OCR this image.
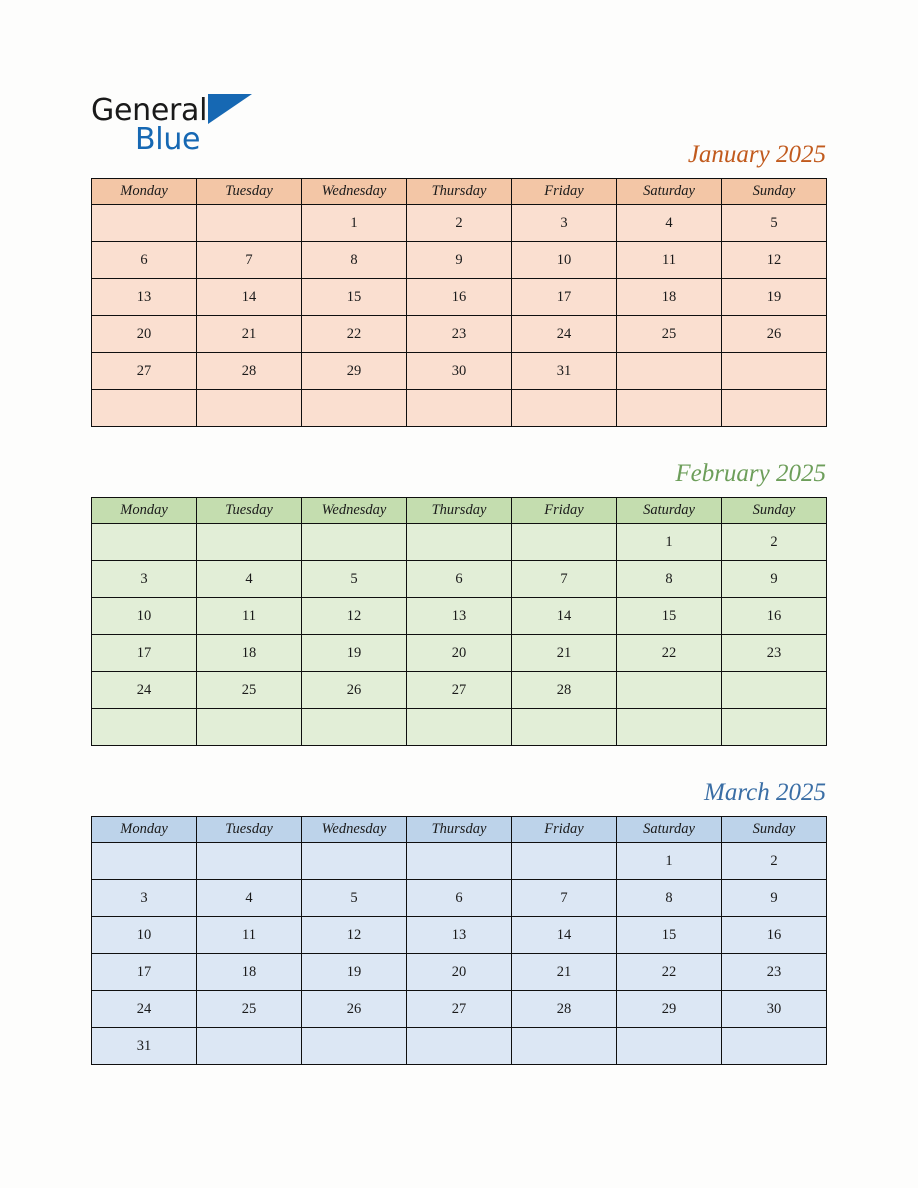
General
Blue	January 2025
Monday	Tuesday	Wednesday	Thursday	Friday	Saturday	Sunday
		1	2	3	4	5
6	7	8	9	10	11	12
13	14	15	16	17	18	19
20	21	22	23	24	25	26
27	28	29	30	31		

February 2025
Monday	Tuesday	Wednesday	Thursday	Friday	Saturday	Sunday
					1	2
3	4	5	6	7	8	9
10	11	12	13	14	15	16
17	18	19	20	21	22	23
24	25	26	27	28		

March 2025
Monday	Tuesday	Wednesday	Thursday	Friday	Saturday	Sunday
					1	2
3	4	5	6	7	8	9
10	11	12	13	14	15	16
17	18	19	20	21	22	23
24	25	26	27	28	29	30
31						
